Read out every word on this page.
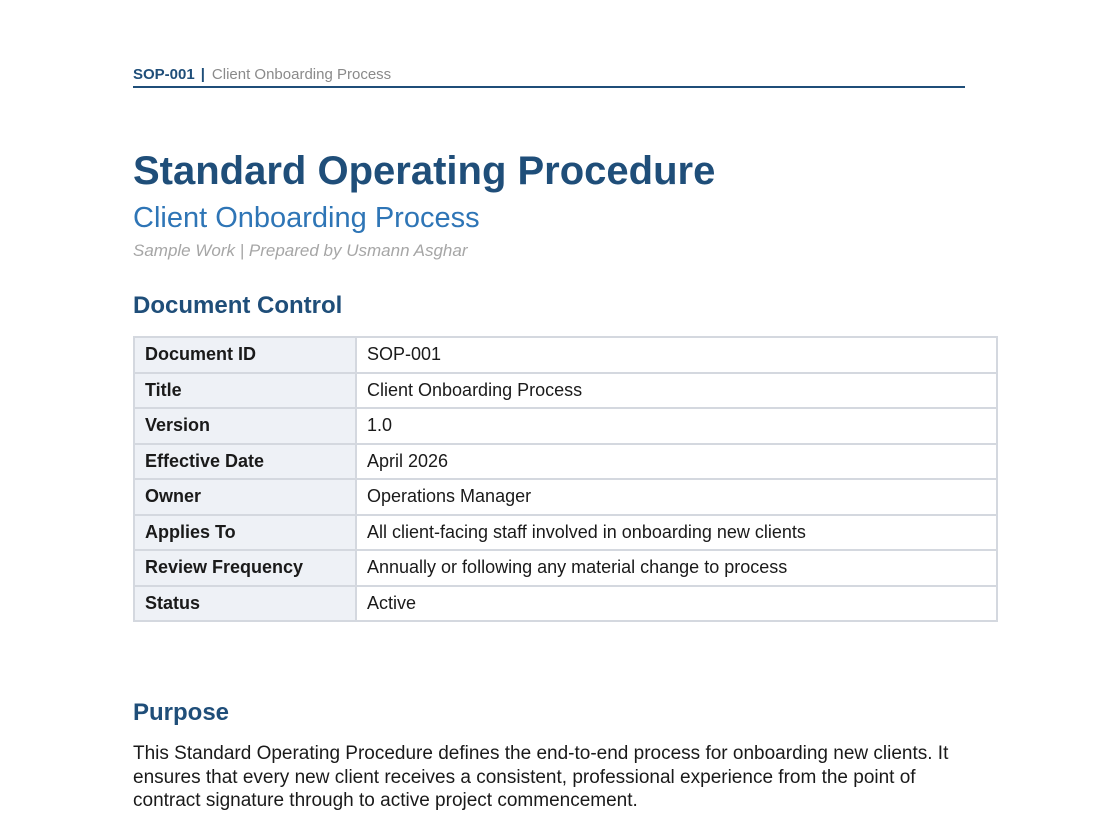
SOP-001 | Client Onboarding Process
Standard Operating Procedure
Client Onboarding Process

Sample Work | Prepared by Usmann Asghar

Document Control
Document ID	SOP-001
Title	Client Onboarding Process
Version	1.0
Effective Date	April 2026
Owner	Operations Manager
Applies To	All client-facing staff involved in onboarding new clients
Review Frequency	Annually or following any material change to process
Status	Active
Purpose

This Standard Operating Procedure defines the end-to-end process for onboarding new clients. It ensures that every new client receives a consistent, professional experience from the point of contract signature through to active project commencement.
